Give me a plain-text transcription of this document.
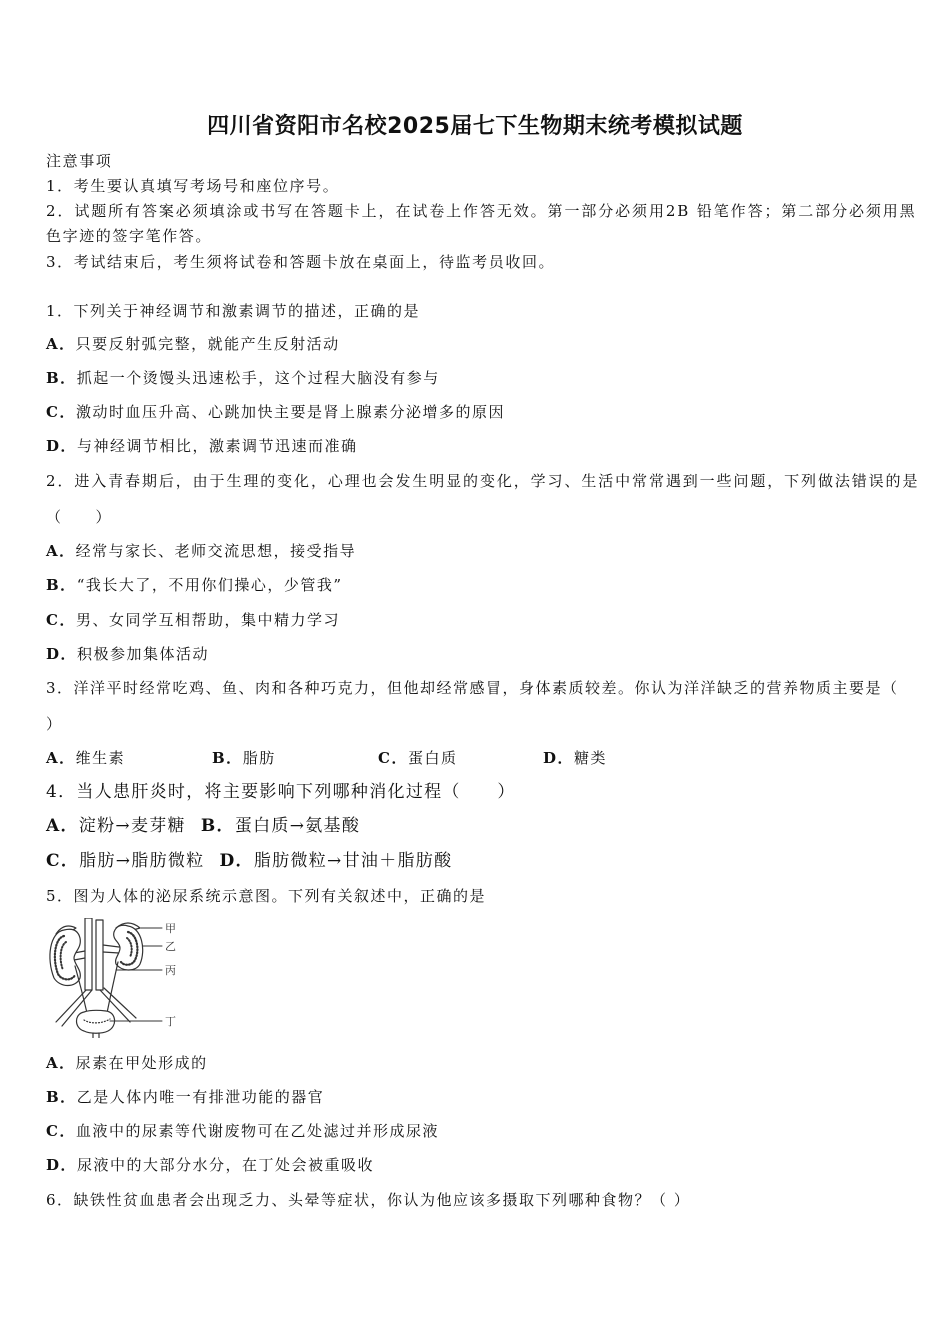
四川省资阳市名校2025届七下生物期末统考模拟试题
注意事项
1．考生要认真填写考场号和座位序号。
2．试题所有答案必须填涂或书写在答题卡上，在试卷上作答无效。第一部分必须用2B 铅笔作答；第二部分必须用黑
色字迹的签字笔作答。
3．考试结束后，考生须将试卷和答题卡放在桌面上，待监考员收回。
1．下列关于神经调节和激素调节的描述，正确的是
A．只要反射弧完整，就能产生反射活动
B．抓起一个烫馒头迅速松手，这个过程大脑没有参与
C．激动时血压升高、心跳加快主要是肾上腺素分泌增多的原因
D．与神经调节相比，激素调节迅速而准确
2．进入青春期后，由于生理的变化，心理也会发生明显的变化，学习、生活中常常遇到一些问题，下列做法错误的是
（　　）
A．经常与家长、老师交流思想，接受指导
B．“我长大了，不用你们操心，少管我”
C．男、女同学互相帮助，集中精力学习
D．积极参加集体活动
3．洋洋平时经常吃鸡、鱼、肉和各种巧克力，但他却经常感冒，身体素质较差。你认为洋洋缺乏的营养物质主要是（
）
A．维生素	B．脂肪	C．蛋白质	D．糖类
4．当人患肝炎时，将主要影响下列哪种消化过程（　　）
A．淀粉→麦芽糖 B．蛋白质→氨基酸
C．脂肪→脂肪微粒 D．脂肪微粒→甘油＋脂肪酸
5．图为人体的泌尿系统示意图。下列有关叙述中，正确的是
甲
乙
丙
丁
A．尿素在甲处形成的
B．乙是人体内唯一有排泄功能的器官
C．血液中的尿素等代谢废物可在乙处滤过并形成尿液
D．尿液中的大部分水分，在丁处会被重吸收
6．缺铁性贫血患者会出现乏力、头晕等症状，你认为他应该多摄取下列哪种食物？（ ）
